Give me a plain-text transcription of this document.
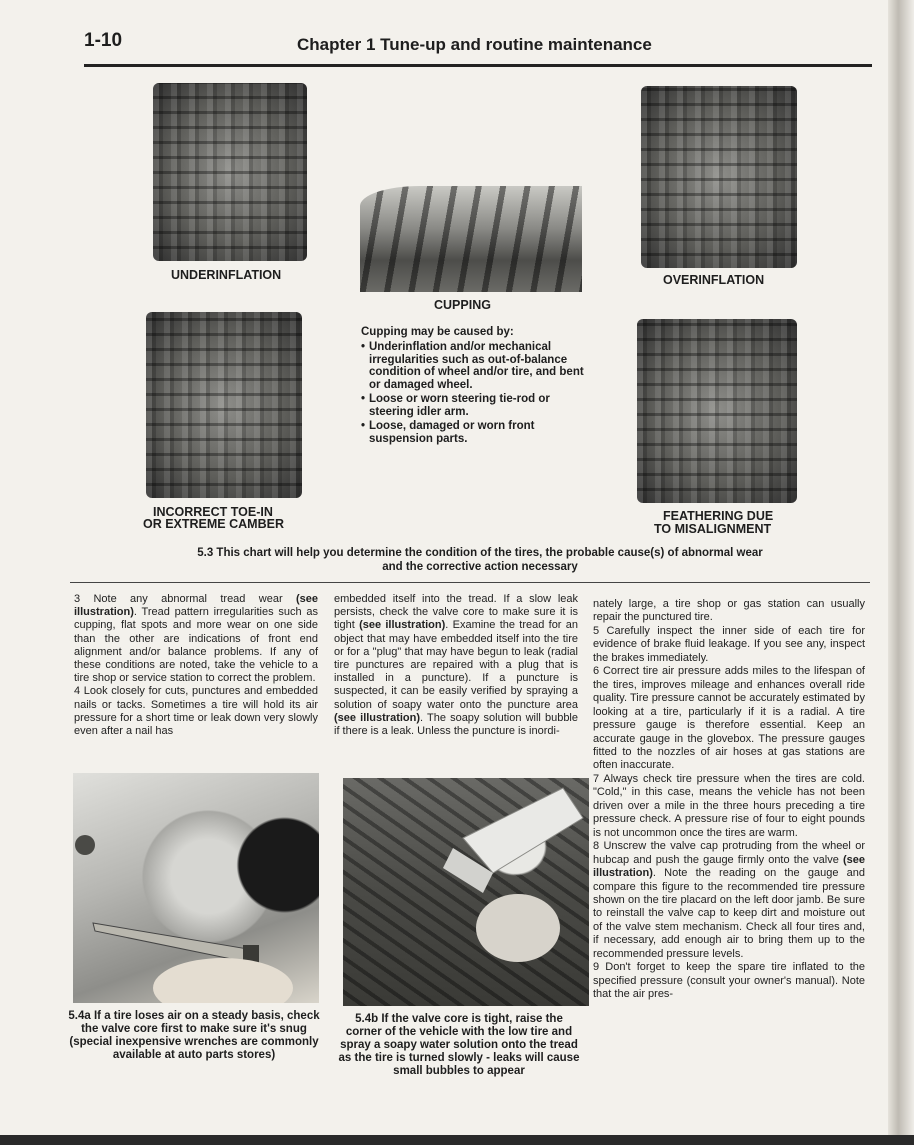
1-10	Chapter 1 Tune-up and routine maintenance
UNDERINFLATION
CUPPING
Cupping may be caused by:
• Underinflation and/or mechanical irregularities such as out-of-balance condition of wheel and/or tire, and bent or damaged wheel.
• Loose or worn steering tie-rod or steering idler arm.
• Loose, damaged or worn front suspension parts.
OVERINFLATION
INCORRECT TOE-IN
OR EXTREME CAMBER
FEATHERING DUE
TO MISALIGNMENT
5.3 This chart will help you determine the condition of the tires, the probable cause(s) of abnormal wear
and the corrective action necessary

3 Note any abnormal tread wear (see illustration). Tread pattern irregularities such as cupping, flat spots and more wear on one side than the other are indications of front end alignment and/or balance problems. If any of these conditions are noted, take the vehicle to a tire shop or service station to correct the problem.

4 Look closely for cuts, punctures and embedded nails or tacks. Sometimes a tire will hold its air pressure for a short time or leak down very slowly even after a nail has

embedded itself into the tread. If a slow leak persists, check the valve core to make sure it is tight (see illustration). Examine the tread for an object that may have embedded itself into the tire or for a "plug" that may have begun to leak (radial tire punctures are repaired with a plug that is installed in a puncture). If a puncture is suspected, it can be easily verified by spraying a solution of soapy water onto the puncture area (see illustration). The soapy solution will bubble if there is a leak. Unless the puncture is inordi-

nately large, a tire shop or gas station can usually repair the punctured tire.

5 Carefully inspect the inner side of each tire for evidence of brake fluid leakage. If you see any, inspect the brakes immediately.

6 Correct tire air pressure adds miles to the lifespan of the tires, improves mileage and enhances overall ride quality. Tire pressure cannot be accurately estimated by looking at a tire, particularly if it is a radial. A tire pressure gauge is therefore essential. Keep an accurate gauge in the glovebox. The pressure gauges fitted to the nozzles of air hoses at gas stations are often inaccurate.

7 Always check tire pressure when the tires are cold. "Cold," in this case, means the vehicle has not been driven over a mile in the three hours preceding a tire pressure check. A pressure rise of four to eight pounds is not uncommon once the tires are warm.

8 Unscrew the valve cap protruding from the wheel or hubcap and push the gauge firmly onto the valve (see illustration). Note the reading on the gauge and compare this figure to the recommended tire pressure shown on the tire placard on the left door jamb. Be sure to reinstall the valve cap to keep dirt and moisture out of the valve stem mechanism. Check all four tires and, if necessary, add enough air to bring them up to the recommended pressure levels.

9 Don't forget to keep the spare tire inflated to the specified pressure (consult your owner's manual). Note that the air pres-

5.4a If a tire loses air on a steady basis, check the valve core first to make sure it's snug (special inexpensive wrenches are commonly available at auto parts stores)
5.4b If the valve core is tight, raise the corner of the vehicle with the low tire and spray a soapy water solution onto the tread as the tire is turned slowly - leaks will cause small bubbles to appear
